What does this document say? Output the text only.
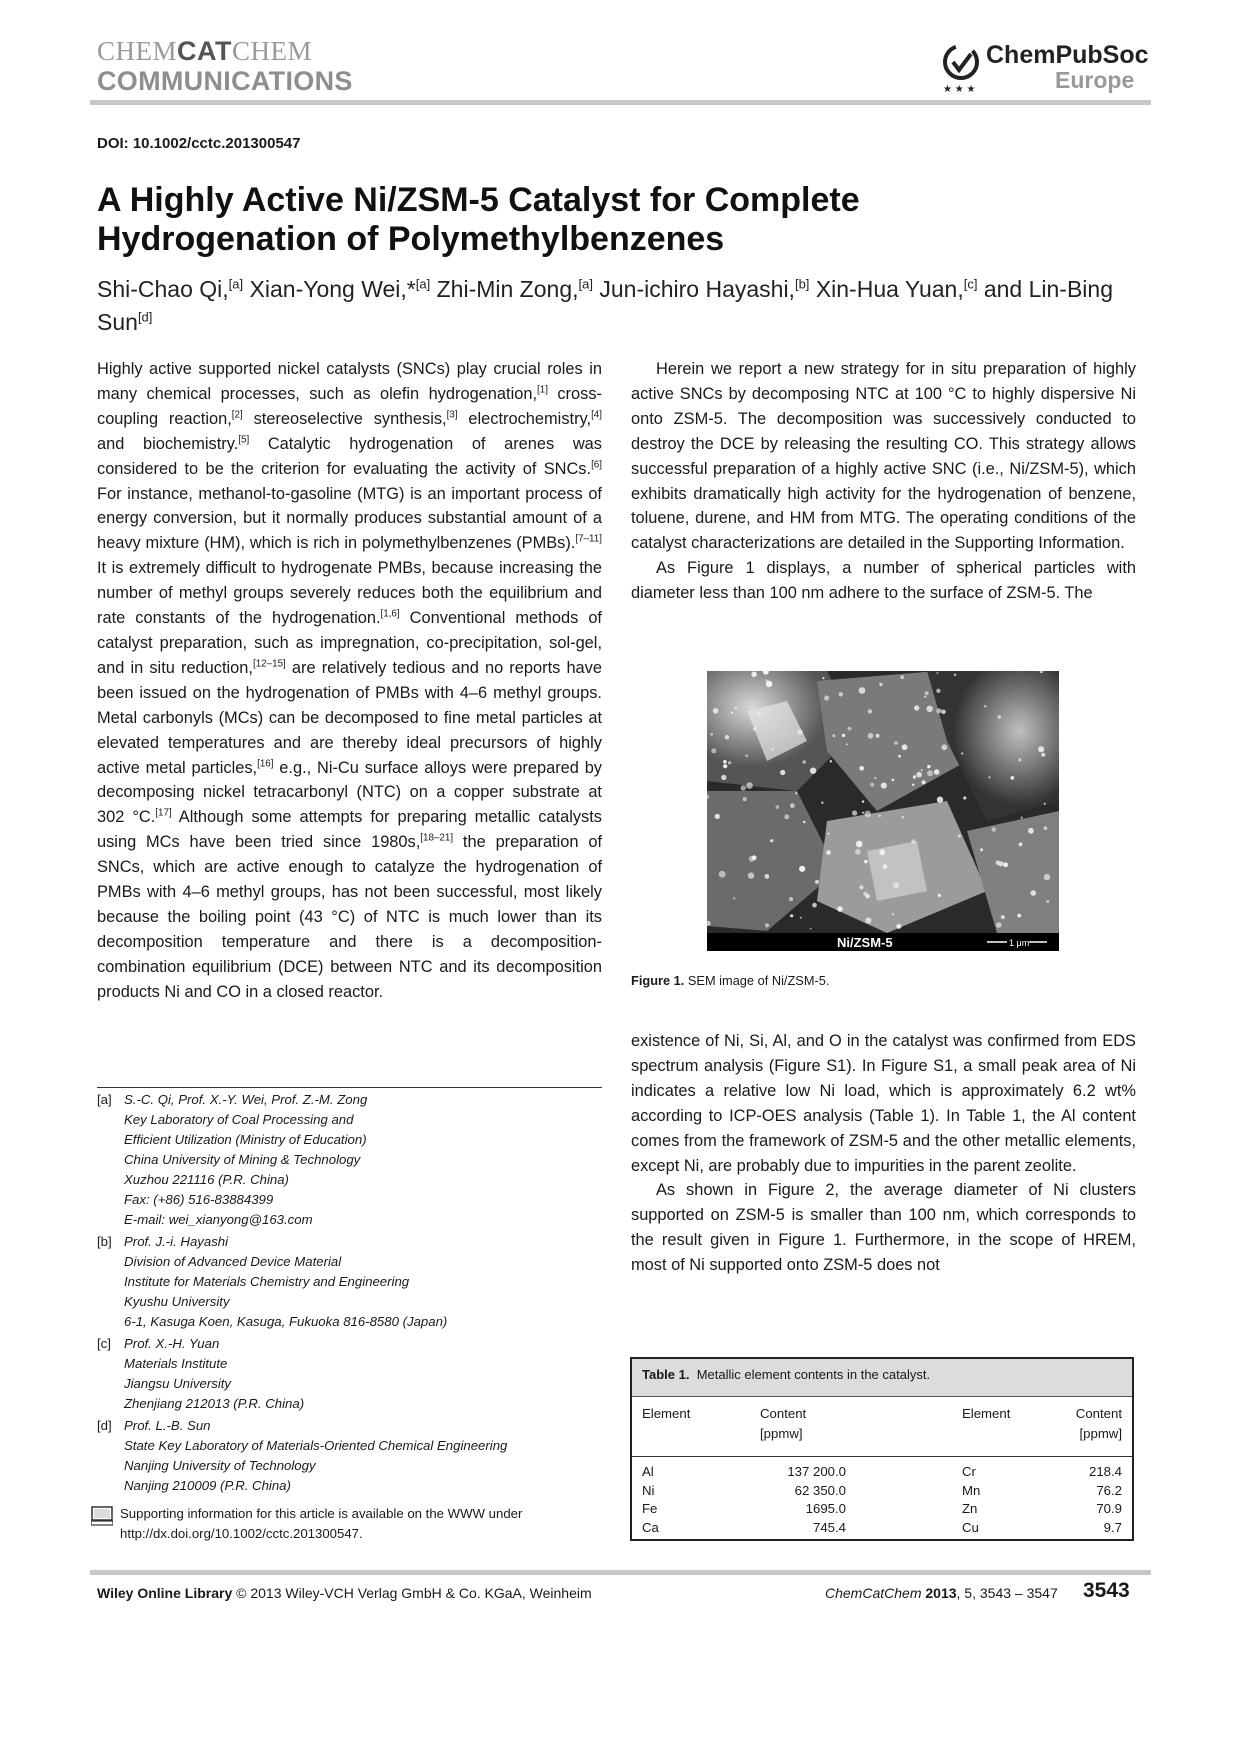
CHEMCATCHEM
COMMUNICATIONS	★ ★ ★
ChemPubSoc
Europe
DOI: 10.1002/cctc.201300547
A Highly Active Ni/ZSM-5 Catalyst for Complete
Hydrogenation of Polymethylbenzenes
Shi-Chao Qi,[a] Xian-Yong Wei,*[a] Zhi-Min Zong,[a] Jun-ichiro Hayashi,[b] Xin-Hua Yuan,[c] and Lin-Bing Sun[d]

Highly active supported nickel catalysts (SNCs) play crucial roles in many chemical processes, such as olefin hydrogenation,[1] cross-coupling reaction,[2] stereoselective synthesis,[3] electrochemistry,[4] and biochemistry.[5] Catalytic hydrogenation of arenes was considered to be the criterion for evaluating the activity of SNCs.[6] For instance, methanol-to-gasoline (MTG) is an important process of energy conversion, but it normally produces substantial amount of a heavy mixture (HM), which is rich in polymethylbenzenes (PMBs).[7–11] It is extremely difficult to hydrogenate PMBs, because increasing the number of methyl groups severely reduces both the equilibrium and rate constants of the hydrogenation.[1,6] Conventional methods of catalyst preparation, such as impregnation, co-precipitation, sol-gel, and in situ reduction,[12–15] are relatively tedious and no reports have been issued on the hydrogenation of PMBs with 4–6 methyl groups. Metal carbonyls (MCs) can be decomposed to fine metal particles at elevated temperatures and are thereby ideal precursors of highly active metal particles,[16] e.g., Ni-Cu surface alloys were prepared by decomposing nickel tetracarbonyl (NTC) on a copper substrate at 302 °C.[17] Although some attempts for preparing metallic catalysts using MCs have been tried since 1980s,[18–21] the preparation of SNCs, which are active enough to catalyze the hydrogenation of PMBs with 4–6 methyl groups, has not been successful, most likely because the boiling point (43 °C) of NTC is much lower than its decomposition temperature and there is a decomposition-combination equilibrium (DCE) between NTC and its decomposition products Ni and CO in a closed reactor.

Herein we report a new strategy for in situ preparation of highly active SNCs by decomposing NTC at 100 °C to highly dispersive Ni onto ZSM-5. The decomposition was successively conducted to destroy the DCE by releasing the resulting CO. This strategy allows successful preparation of a highly active SNC (i.e., Ni/ZSM-5), which exhibits dramatically high activity for the hydrogenation of benzene, toluene, durene, and HM from MTG. The operating conditions of the catalyst characterizations are detailed in the Supporting Information.

As Figure 1 displays, a number of spherical particles with diameter less than 100 nm adhere to the surface of ZSM-5. The

Ni/ZSM-5	1 μm
Figure 1. SEM image of Ni/ZSM-5.

existence of Ni, Si, Al, and O in the catalyst was confirmed from EDS spectrum analysis (Figure S1). In Figure S1, a small peak area of Ni indicates a relative low Ni load, which is approximately 6.2 wt% according to ICP-OES analysis (Table 1). In Table 1, the Al content comes from the framework of ZSM-5 and the other metallic elements, except Ni, are probably due to impurities in the parent zeolite.

As shown in Figure 2, the average diameter of Ni clusters supported on ZSM-5 is smaller than 100 nm, which corresponds to the result given in Figure 1. Furthermore, in the scope of HREM, most of Ni supported onto ZSM-5 does not

[a] S.-C. Qi, Prof. X.-Y. Wei, Prof. Z.-M. Zong
Key Laboratory of Coal Processing and
Efficient Utilization (Ministry of Education)
China University of Mining & Technology
Xuzhou 221116 (P.R. China)
Fax: (+86) 516-83884399
E-mail: wei_xianyong@163.com
[b] Prof. J.-i. Hayashi
Division of Advanced Device Material
Institute for Materials Chemistry and Engineering
Kyushu University
6-1, Kasuga Koen, Kasuga, Fukuoka 816-8580 (Japan)
[c] Prof. X.-H. Yuan
Materials Institute
Jiangsu University
Zhenjiang 212013 (P.R. China)
[d] Prof. L.-B. Sun
State Key Laboratory of Materials-Oriented Chemical Engineering
Nanjing University of Technology
Nanjing 210009 (P.R. China)
Supporting information for this article is available on the WWW under
http://dx.doi.org/10.1002/cctc.201300547.
Table 1. Metallic element contents in the catalyst.
Element	Content
[ppmw]
Element	Content
[ppmw]
Al	137 200.0	Cr	218.4
Ni	62 350.0	Mn	76.2
Fe	1695.0	Zn	70.9
Ca	745.4	Cu	9.7
Wiley Online Library © 2013 Wiley-VCH Verlag GmbH & Co. KGaA, Weinheim	ChemCatChem 2013, 5, 3543 – 3547 3543
